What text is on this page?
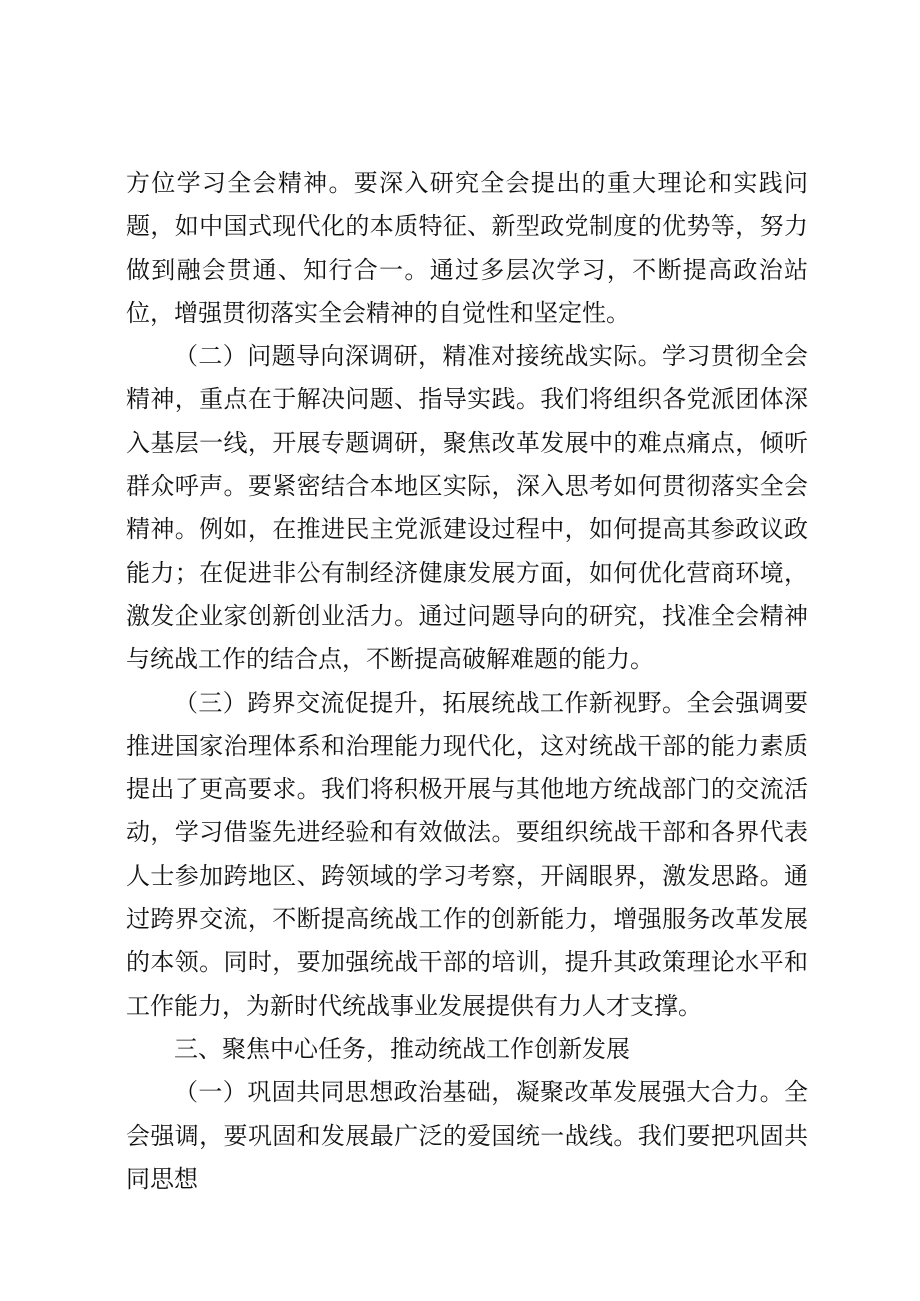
方位学习全会精神。要深入研究全会提出的重大理论和实践问题，如中国式现代化的本质特征、新型政党制度的优势等，努力做到融会贯通、知行合一。通过多层次学习，不断提高政治站位，增强贯彻落实全会精神的自觉性和坚定性。

（二）问题导向深调研，精准对接统战实际。学习贯彻全会精神，重点在于解决问题、指导实践。我们将组织各党派团体深入基层一线，开展专题调研，聚焦改革发展中的难点痛点，倾听群众呼声。要紧密结合本地区实际，深入思考如何贯彻落实全会精神。例如，在推进民主党派建设过程中，如何提高其参政议政能力；在促进非公有制经济健康发展方面，如何优化营商环境，激发企业家创新创业活力。通过问题导向的研究，找准全会精神与统战工作的结合点，不断提高破解难题的能力。

（三）跨界交流促提升，拓展统战工作新视野。全会强调要推进国家治理体系和治理能力现代化，这对统战干部的能力素质提出了更高要求。我们将积极开展与其他地方统战部门的交流活动，学习借鉴先进经验和有效做法。要组织统战干部和各界代表人士参加跨地区、跨领域的学习考察，开阔眼界，激发思路。通过跨界交流，不断提高统战工作的创新能力，增强服务改革发展的本领。同时，要加强统战干部的培训，提升其政策理论水平和工作能力，为新时代统战事业发展提供有力人才支撑。

三、聚焦中心任务，推动统战工作创新发展

（一）巩固共同思想政治基础，凝聚改革发展强大合力。全会强调，要巩固和发展最广泛的爱国统一战线。我们要把巩固共同思想
